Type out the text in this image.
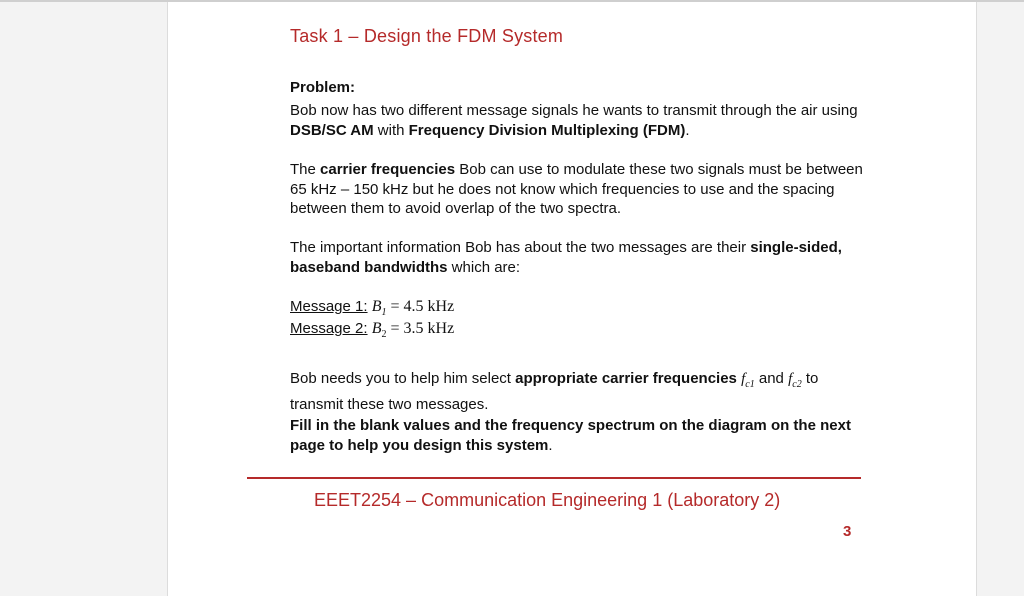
Task 1 – Design the FDM System
Problem:
Bob now has two different message signals he wants to transmit through the air using DSB/SC AM with Frequency Division Multiplexing (FDM).
The carrier frequencies Bob can use to modulate these two signals must be between 65 kHz – 150 kHz but he does not know which frequencies to use and the spacing between them to avoid overlap of the two spectra.
The important information Bob has about the two messages are their single-sided, baseband bandwidths which are:
Message 1: $B_1 = 4.5$ kHz
Message 2: $B_2 = 3.5$ kHz
Bob needs you to help him select appropriate carrier frequencies $f_{c1}$ and $f_{c2}$ to transmit these two messages.
Fill in the blank values and the frequency spectrum on the diagram on the next page to help you design this system.
EEET2254 – Communication Engineering 1 (Laboratory 2)
3
